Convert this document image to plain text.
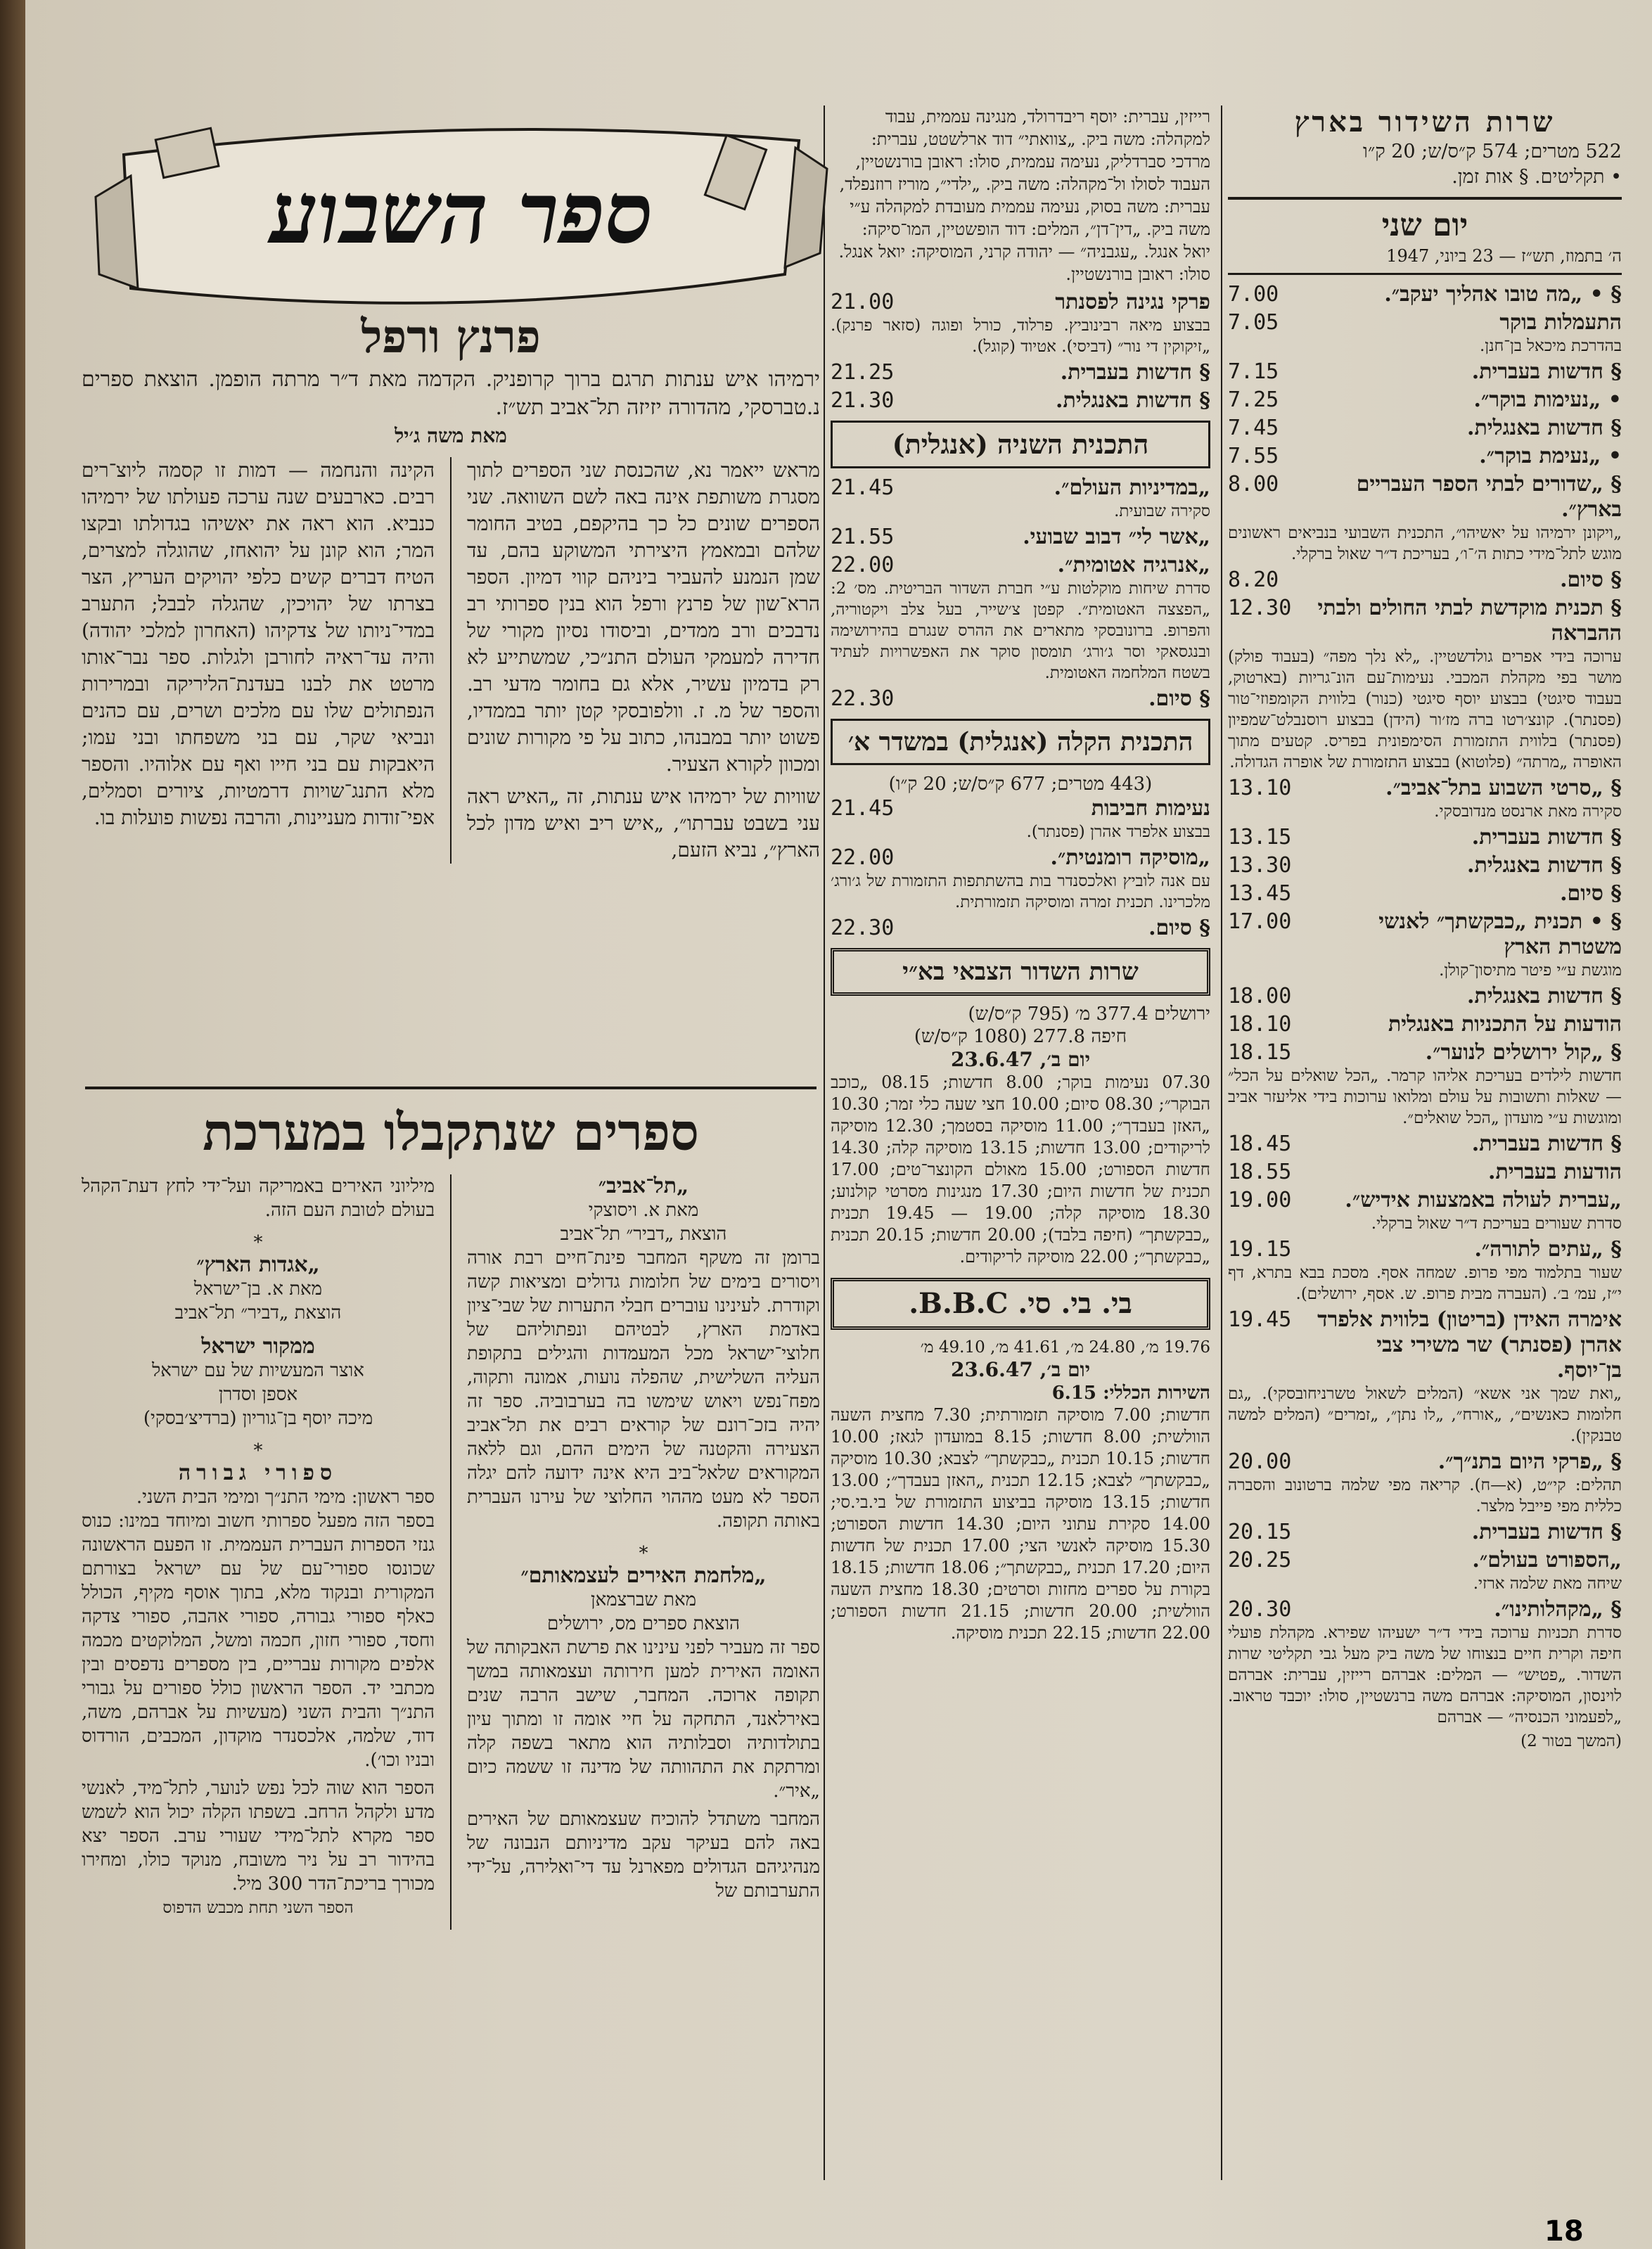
שרות השידור בארץ
522 מטרים; 574 ק״ס/ש; 20 ק״ו
• תקליטים. § אות זמן.
יום שני
ה׳ בתמוז, תש״ז — 23 ביוני, 1947
§ • „מה טובו אהליך יעקב״.
7.00
התעמלות בוקר
7.05
בהדרכת מיכאל בן־חנן.
§ חדשות בעברית.
7.15
• „נעימות בוקר״.
7.25
§ חדשות באנגלית.
7.45
• „נעימת בוקר״.
7.55
§ „שדורים לבתי הספר העבריים בארץ״.
8.00
„ויקונן ירמיהו על יאשיהו״, התכנית השבועי בנביאים ראשונים מוגש לתל־מידי כתות ה׳־ו׳, בעריכת ד״ר שאול ברקלי.
§ סיום.
8.20
§ תכנית מוקדשת לבתי החולים ולבתי ההבראה
12.30
ערוכה בידי אפרים גולדשטיין. „לא נלך מפה״ (בעבוד פולק) מושר בפי מקהלת המכבי. נעימות־עם הונ־גריות (בארטוק, בעבוד סיגטי) בבצוע יוסף סיגטי (כנור) בלווית הקומפוזי־טור (פסנתר). קונצ׳רטו ברה מז׳ור (הידן) בבצוע רוסנבלט־שמפיון (פסנתר) בלווית התזמורת הסימפונית בפריס. קטעים מתוך האופרה „מרתה״ (פלוטוא) בבצוע התזמורת של אופרה הגדולה.
§ „סרטי השבוע בתל־אביב״.
13.10
סקירה מאת ארנסט מנדובסקי.
§ חדשות בעברית.
13.15
§ חדשות באנגלית.
13.30
§ סיום.
13.45
§ • תכנית „כבקשתך״ לאנשי משטרת הארץ
17.00
מוגשת ע״י פיטר מתיסון־קולן.
§ חדשות באנגלית.
18.00
הודעות על התכניות באנגלית
18.10
§ „קול ירושלים לנוער״.
18.15
חדשות לילדים בעריכת אליהו קרמר. „הכל שואלים על הכל״ — שאלות ותשובות על עולם ומלואו ערוכות בידי אליעזר אביב ומוגשות ע״י מועדון „הכל שואלים״.
§ חדשות בעברית.
18.45
הודעות בעברית.
18.55
„עברית לעולה באמצעות אידיש״.
19.00
סדרת שעורים בעריכת ד״ר שאול ברקלי.
§ „עתים לתורה״.
19.15
שעור בתלמוד מפי פרופ. שמחה אסף. מסכת בבא בתרא, דף י״ז, עמ׳ ב׳. (העברה מבית פרופ. ש. אסף, ירושלים).
אימרה האידן (בריטון) בלווית אלפרד אהרן (פסנתר) שר משירי צבי בן־יוסף.
19.45
„ואת שמך אני אשא״ (המלים לשאול טשרניחובסקי). „גם חלומות כאנשים״, „אורח״, „לו נתן״, „זמרים״ (המלים למשה טבנקין).
§ „פרקי היום בתנ״ך״.
20.00
תהלים: קי״ט, (א—ח). קריאה מפי שלמה ברטונוב והסברה כללית מפי פייבל מלצר.
§ חדשות בעברית.
20.15
„הספורט בעולם״.
20.25
שיחה מאת שלמה ארזי.
§ „מקהלותינו״.
20.30
סדרת תכניות ערוכה בידי ד״ר ישעיהו שפירא. מקהלת פועלי חיפה וקרית חיים בנצוחו של משה ביק מעל גבי תקליטי שרות השדור. „פטיש״ — המלים: אברהם רייזין, עברית: אברהם לוינסון, המוסיקה: אברהם משה ברנשטיין, סולו: יוכבד טראוב. „לפעמוני הכנסיה״ — אברהם
(המשך בטור 2)
רייזין, עברית: יוסף ריבדרולד, מנגינה עממית, עבוד למקהלה: משה ביק. „צוואתי״ דוד ארלשטט, עברית: מרדכי סברדליק, נעימה עממית, סולו: ראובן בורנשטיין, העבוד לסולו ול־מקהלה: משה ביק. „ילדי״, מוריז רוזנפלד, עברית: משה בסוק, נעימה עממית מעובדת למקהלה ע״י משה ביק. „דין־דן״, המלים: דוד הופשטיין, המו־סיקה: יואל אנגל. „עגבניה״ — יהודה קרני, המוסיקה: יואל אנגל. סולו: ראובן בורנשטיין.
פרקי נגינה לפסנתר
21.00
בבצוע מיאה רבינוביץ. פרלוד, כורל ופוגה (סזאר פרנק). „זיקוקין די נור״ (דביסי). אטיוד (קוגל).
§ חדשות בעברית.
21.25
§ חדשות באנגלית.
21.30
התכנית השניה (אנגלית)
„במדיניות העולם״.
21.45
סקירה שבועית.
„אשר לי״ דבוב שבועי.
21.55
„אנרגיה אטומית״.
22.00
סדרת שיחות מוקלטות ע״י חברת השדור הבריטית. מס׳ 2: „הפצצה האטומית״. קפטן צ׳שייר, בעל צלב ויקטוריה, והפרופ. ברונובסקי מתארים את ההרס שנגרם בהירושימה ובנגסאקי וסר ג׳ורג׳ תומסון סוקר את האפשרויות לעתיד בשטח המלחמה האטומית.
§ סיום.
22.30
התכנית הקלה (אנגלית) במשדר א׳
(443 מטרים; 677 ק״ס/ש; 20 ק״ו)
נעימות חביבות
21.45
בבצוע אלפרד אהרן (פסנתר).
„מוסיקה רומנטית״.
22.00
עם אנה לוביץ ואלכסנדר בות בהשתתפות התזמורת של ג׳ורג׳ מלכרינו. תכנית זמרה ומוסיקה תזמורתית.
§ סיום.
22.30
שרות השדור הצבאי בא״י
ירושלים 377.4 מ׳ (795 ק״ס/ש)
חיפה 277.8 (1080 ק״ס/ש)
יום ב׳, 23.6.47
07.30 נעימות בוקר; 8.00 חדשות; 08.15 „כוכב הבוקר״; 08.30 סיום; 10.00 חצי שעה כלי זמר; 10.30 „האזן בעבדך״; 11.00 מוסיקה בסטמך; 12.30 מוסיקה לריקודים; 13.00 חדשות; 13.15 מוסיקה קלה; 14.30 חדשות הספורט; 15.00 מאולם הקונצר־טים; 17.00 תכנית של חדשות היום; 17.30 מנגינות מסרטי קולנוע; 18.30 מוסיקה קלה; 19.00 — 19.45 תכנית „כבקשתך״ (חיפה בלבד); 20.00 חדשות; 20.15 תכנית „כבקשתך״; 22.00 מוסיקה לריקודים.
בי. בי. סי. B.B.C.
19.76 מ׳, 24.80 מ׳, 41.61 מ׳, 49.10 מ׳
יום ב׳, 23.6.47
השירות הכללי: 6.15
חדשות; 7.00 מוסיקה תזמורתית; 7.30 מחצית השעה הוולשית; 8.00 חדשות; 8.15 במועדון לגאז; 10.00 חדשות; 10.15 תכנית „כבקשתך״ לצבא; 10.30 מוסיקה „כבקשתך״ לצבא; 12.15 תכנית „האזן בעבדך״; 13.00 חדשות; 13.15 מוסיקה בביצוע התזמורת של בי.בי.סי; 14.00 סקירת עתוני היום; 14.30 חדשות הספורט; 15.30 מוסיקה לאנשי הצי; 17.00 תכנית של חדשות היום; 17.20 תכנית „כבקשתך״; 18.06 חדשות; 18.15 בקורת על ספרים מחזות וסרטים; 18.30 מחצית השעה הוולשית; 20.00 חדשות; 21.15 חדשות הספורט; 22.00 חדשות; 22.15 תכנית מוסיקה.
ספר השבוע
פרנץ ורפל
ירמיהו איש ענתות תרגם ברוך קרופניק. הקדמה מאת ד״ר מרתה הופמן. הוצאת ספרים נ.טברסקי, מהדורה יזיזה תל־אביב תש״ז.
מאת משה ג׳יל
מראש ייאמר נא, שהכנסת שני הספרים לתוך מסגרת משותפת אינה באה לשם השוואה. שני הספרים שונים כל כך בהיקפם, בטיב החומר שלהם ובמאמץ היצירתי המשוקע בהם, עד שמן הנמנע להעביר ביניהם קווי דמיון. הספר הרא־שון של פרנץ ורפל הוא בנין ספרותי רב נדבכים ורב ממדים, וביסודו נסיון מקורי של חדירה למעמקי העולם התנ״כי, שמשתייע לא רק בדמיון עשיר, אלא גם בחומר מדעי רב. והספר של מ. ז. וולפובסקי קטן יותר בממדיו, פשוט יותר במבנהו, כתוב על פי מקורות שונים ומכוון לקורא הצעיר.
שוויות של ירמיהו איש ענתות, זה „האיש ראה עני בשבט עברתו״, „איש ריב ואיש מדון לכל הארץ״, נביא הזעם,
הקינה והנחמה — דמות זו קסמה ליוצ־רים רבים. כארבעים שנה ערכה פעולתו של ירמיהו כנביא. הוא ראה את יאשיהו בגדולתו ובקצו המר; הוא קונן על יהואחז, שהוגלה למצרים, הטיח דברים קשים כלפי יהויקים העריץ, הצר בצרתו של יהויכין, שהגלה לבבל; התערב במדי־ניותו של צדקיהו (האחרון למלכי יהודה) והיה עד־ראיה לחורבן ולגלות. ספר נבר־אותו מרטט את לבנו בעדנת־הליריקה ובמרירות הנפתולים שלו עם מלכים ושרים, עם כהנים ונביאי שקר, עם בני משפחתו ובני עמו; היאבקות עם בני חייו ואף עם אלוהיו. והספר מלא התנג־שויות דרמטיות, ציורים וסמלים, אפי־זודות מעניינות, והרבה נפשות פועלות בו.
ספרים שנתקבלו במערכת
„תל־אביב״
מאת א. ויסוצקי
הוצאת „דביר״ תל־אביב
ברומן זה משקף המחבר פינת־חיים רבת אורה ויסורים בימים של חלומות גדולים ומציאות קשה וקודרת. לעינינו עוברים חבלי התערות של שבי־ציון באדמת הארץ, לבטיהם ונפתוליהם של חלוצי־ישראל מכל המעמדות והגילים בתקופת העליה השלישית, שהפלה נועות, אמונה ותקוה, מפח־נפש ויאוש שימשו בה בערבוביה. ספר זה יהיה בזכ־רונם של קוראים רבים את תל־אביב הצעירה והקטנה של הימים ההם, וגם ללאה המקוראים שלאל־ביב היא אינה ידועה להם יגלה הספר לא מעט מההוי החלוצי של עירנו העברית באותה תקופה.
*
„מלחמת האירים לעצמאותם״
מאת שברצמאן
הוצאת ספרים מס, ירושלים
ספר זה מעביר לפני עינינו את פרשת האבקותה של האומה האירית למען חירותה ועצמאותה במשך תקופה ארוכה. המחבר, שישב הרבה שנים באירלאנד, התחקה על חיי אומה זו ומתוך עיון בתולדותיה וסבלותיה הוא מתאר בשפה קלה ומרתקת את התהוותה של מדינה זו ששמה כיום „איר״.
המחבר משתדל להוכיח שעצמאותם של האירים באה להם בעיקר עקב מדיניותם הנבונה של מנהיגיהם הגדולים מפארנל עד די־ואלירה, על־ידי התערבותם של
מיליוני האירים באמריקה ועל־ידי לחץ דעת־הקהל בעולם לטובת העם הזה.
*
„אגדות הארץ״
מאת א. בן־ישראל
הוצאת „דביר״ תל־אביב
ממקור ישראל
אוצר המעשיות של עם ישראל
אספן וסדרן
מיכה יוסף בן־גוריון (ברדיצ׳בסקי)
*
ספורי גבורה
ספר ראשון: מימי התנ״ך ומימי הבית השני.
בספר הזה מפעל ספרותי חשוב ומיוחד במינו: כנוס גנזי הספרות העברית העממית. זו הפעם הראשונה שכונסו ספורי־עם של עם ישראל בצורתם המקורית ובנקוד מלא, בתוך אוסף מקיף, הכולל כאלף ספורי גבורה, ספורי אהבה, ספורי צדקה וחסד, ספורי חזון, חכמה ומשל, המלוקטים מכמה אלפים מקורות עבריים, בין מספרים נדפסים ובין מכתבי יד. הספר הראשון כולל ספורים על גבורי התנ״ך והבית השני (מעשיות על אברהם, משה, דוד, שלמה, אלכסנדר מוקדון, המכבים, הורדוס ובניו וכו׳).
הספר הוא שוה לכל נפש לנוער, לתל־מיד, לאנשי מדע ולקהל הרחב. בשפתו הקלה יכול הוא לשמש ספר מקרא לתל־מידי שעורי ערב. הספר יצא בהידור רב על ניר משובח, מנוקד כולו, ומחירו מכורך בריכת־הדר 300 מיל.
הספר השני תחת מכבש הדפוס
18
